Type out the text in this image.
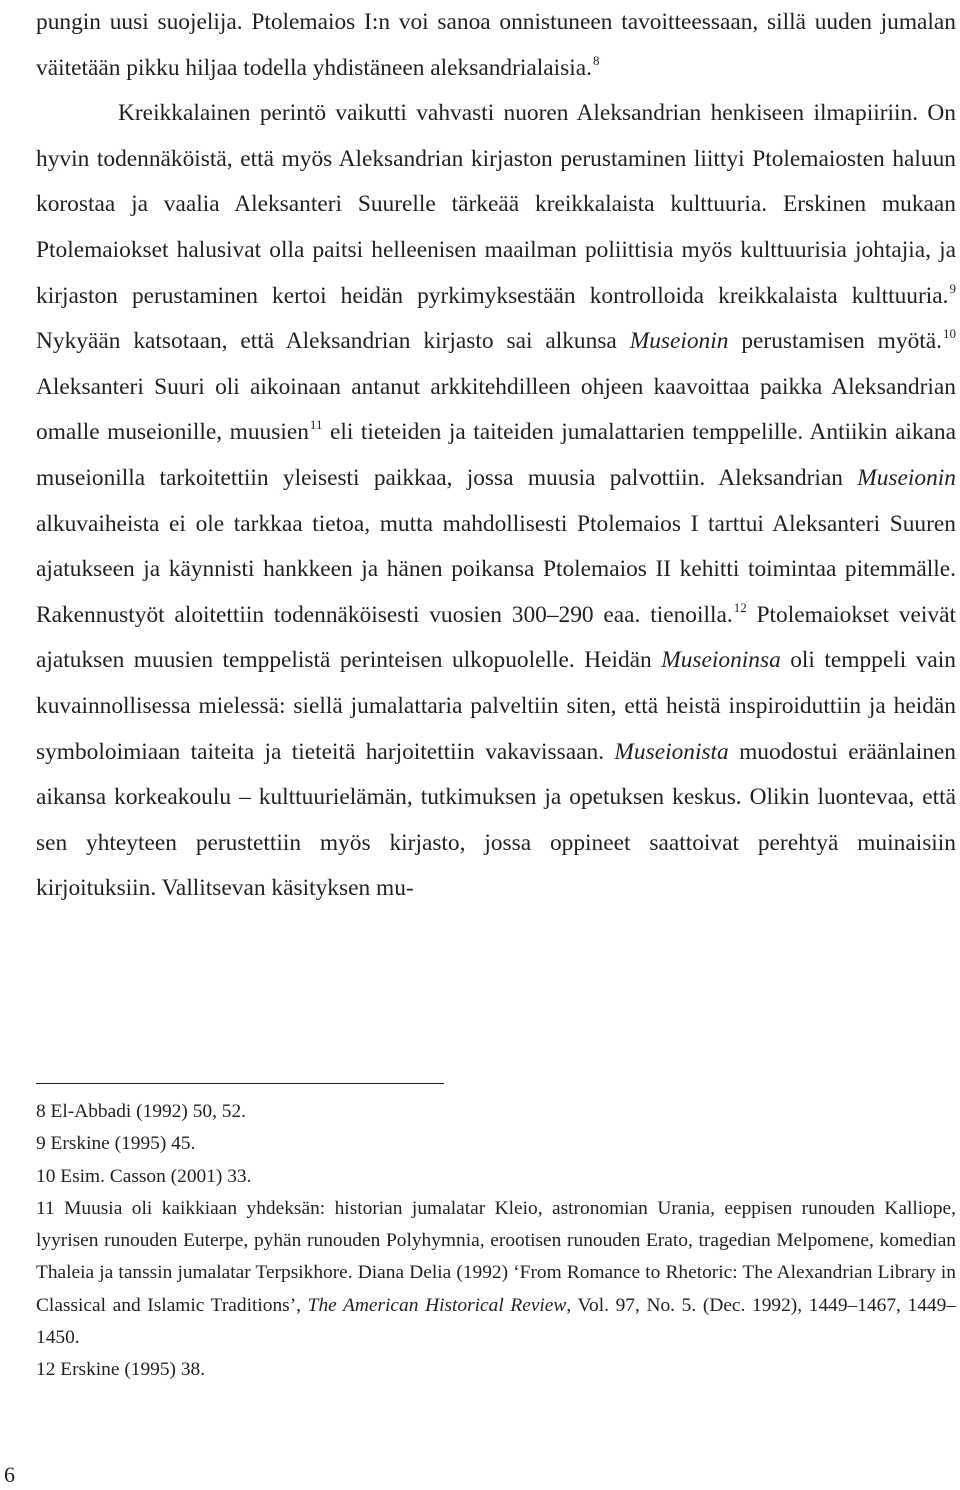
pungin uusi suojelija. Ptolemaios I:n voi sanoa onnistuneen tavoitteessaan, sillä uuden jumalan väitetään pikku hiljaa todella yhdistäneen aleksandrialaisia.$^8$

Kreikkalainen perintö vaikutti vahvasti nuoren Aleksandrian henkiseen ilmapiiriin. On hyvin todennäköistä, että myös Aleksandrian kirjaston perustaminen liittyi Ptolemaiosten haluun korostaa ja vaalia Aleksanteri Suurelle tärkeää kreikkalaista kulttuuria. Erskinen mukaan Ptolemaiokset halusivat olla paitsi helleenisen maailman poliittisia myös kulttuurisia johtajia, ja kirjaston perustaminen kertoi heidän pyrkimyksestään kontrolloida kreikkalaista kulttuuria.$^9$ Nykyään katsotaan, että Aleksandrian kirjasto sai alkunsa Museionin perustamisen myötä.$^{10}$ Aleksanteri Suuri oli aikoinaan antanut arkkitehdilleen ohjeen kaavoittaa paikka Aleksandrian omalle museionille, muusien$^{11}$ eli tieteiden ja taiteiden jumalattarien temppelille. Antiikin aikana museionilla tarkoitettiin yleisesti paikkaa, jossa muusia palvottiin. Aleksandrian Museionin alkuvaiheista ei ole tarkkaa tietoa, mutta mahdollisesti Ptolemaios I tarttui Aleksanteri Suuren ajatukseen ja käynnisti hankkeen ja hänen poikansa Ptolemaios II kehitti toimintaa pitemmälle. Rakennustyöt aloitettiin todennäköisesti vuosien 300–290 eaa. tienoilla.$^{12}$ Ptolemaiokset veivät ajatuksen muusien temppelistä perinteisen ulkopuolelle. Heidän Museioninsa oli temppeli vain kuvainnollisessa mielessä: siellä jumalattaria palveltiin siten, että heistä inspiroiduttiin ja heidän symboloimiaan taiteita ja tieteitä harjoitettiin vakavissaan. Museionista muodostui eräänlainen aikansa korkeakoulu – kulttuurielämän, tutkimuksen ja opetuksen keskus. Olikin luontevaa, että sen yhteyteen perustettiin myös kirjasto, jossa oppineet saattoivat perehtyä muinaisiin kirjoituksiin. Vallitsevan käsityksen mu-

8 El-Abbadi (1992) 50, 52.

9 Erskine (1995) 45.

10 Esim. Casson (2001) 33.

11 Muusia oli kaikkiaan yhdeksän: historian jumalatar Kleio, astronomian Urania, eeppisen runouden Kalliope, lyyrisen runouden Euterpe, pyhän runouden Polyhymnia, erootisen runouden Erato, tragedian Melpomene, komedian Thaleia ja tanssin jumalatar Terpsikhore. Diana Delia (1992) ‘From Romance to Rhetoric: The Alexandrian Library in Classical and Islamic Traditions’, The American Historical Review, Vol. 97, No. 5. (Dec. 1992), 1449–1467, 1449–1450.

12 Erskine (1995) 38.

6
